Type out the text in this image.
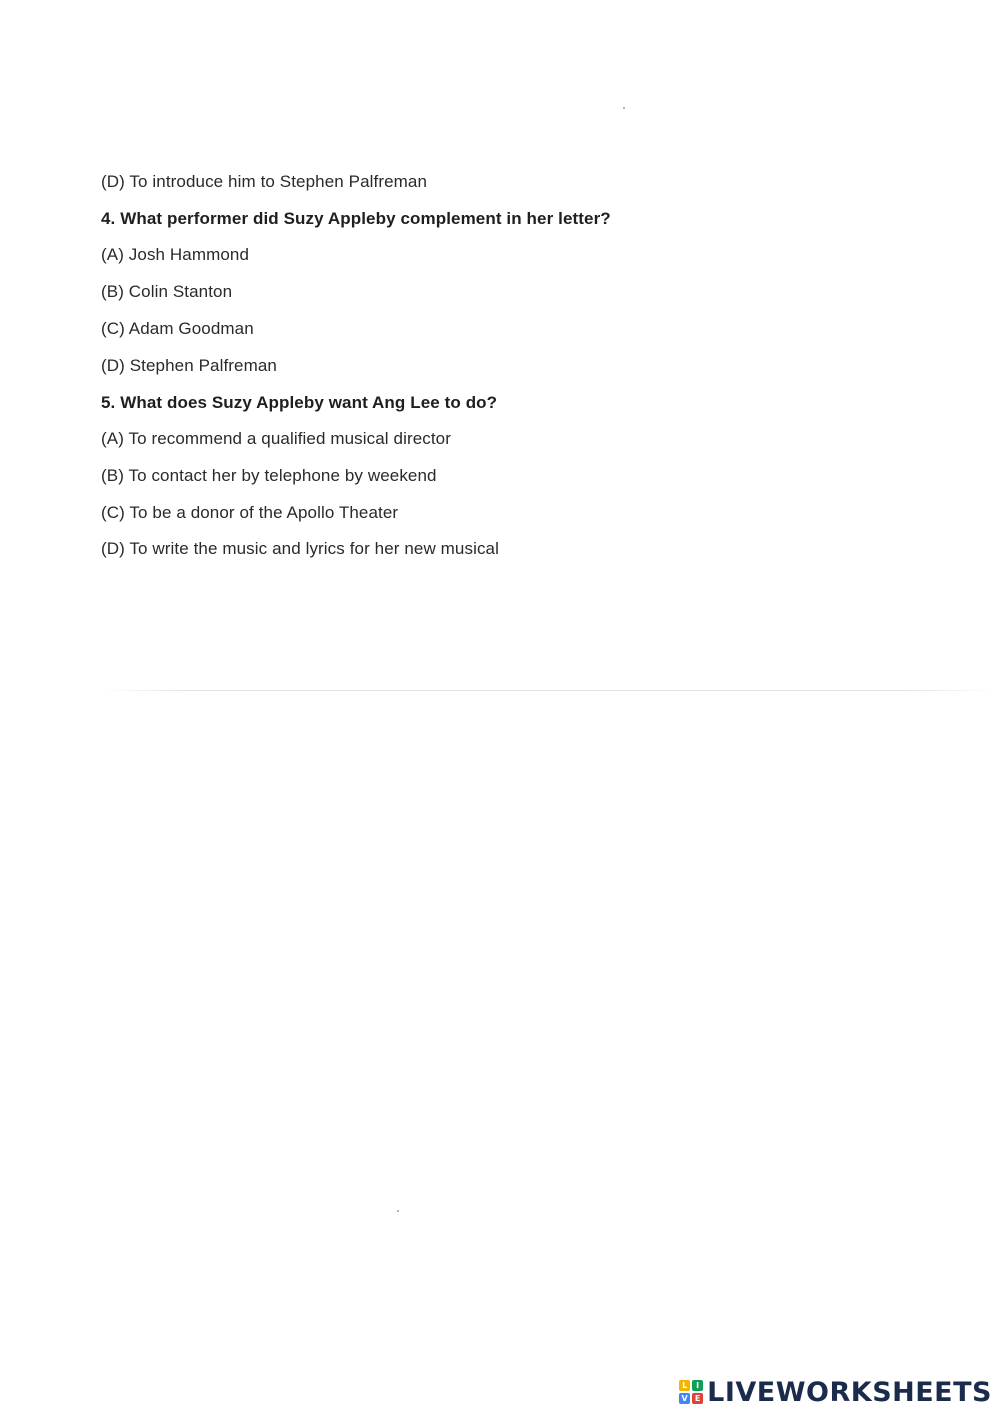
(D) To introduce him to Stephen Palfreman
4. What performer did Suzy Appleby complement in her letter?
(A) Josh Hammond
(B) Colin Stanton
(C) Adam Goodman
(D) Stephen Palfreman
5. What does Suzy Appleby want Ang Lee to do?
(A) To recommend a qualified musical director
(B) To contact her by telephone by weekend
(C) To be a donor of the Apollo Theater
(D) To write the music and lyrics for her new musical
L	I
V E LIVEWORKSHEETS
